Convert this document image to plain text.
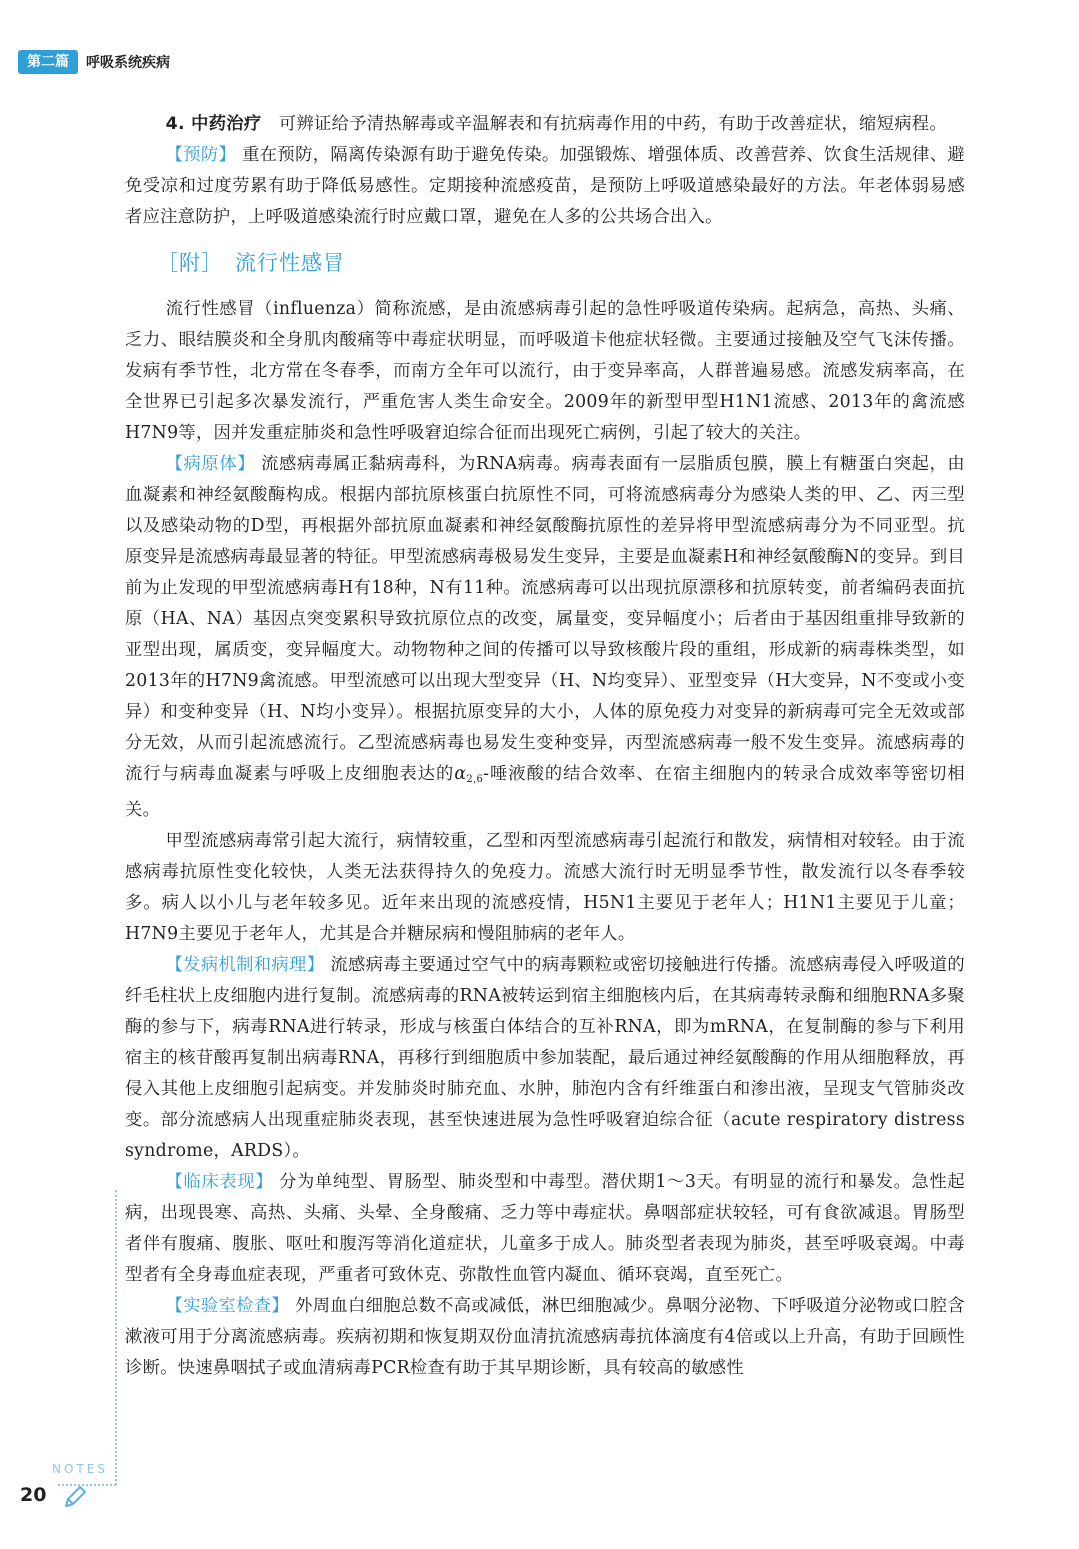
第二篇	呼吸系统疾病

4. 中药治疗 可辨证给予清热解毒或辛温解表和有抗病毒作用的中药，有助于改善症状，缩短病程。

【预防】 重在预防，隔离传染源有助于避免传染。加强锻炼、增强体质、改善营养、饮食生活规律、避免受凉和过度劳累有助于降低易感性。定期接种流感疫苗，是预防上呼吸道感染最好的方法。年老体弱易感者应注意防护，上呼吸道感染流行时应戴口罩，避免在人多的公共场合出入。

［附］ 流行性感冒

流行性感冒（influenza）简称流感，是由流感病毒引起的急性呼吸道传染病。起病急，高热、头痛、乏力、眼结膜炎和全身肌肉酸痛等中毒症状明显，而呼吸道卡他症状轻微。主要通过接触及空气飞沫传播。发病有季节性，北方常在冬春季，而南方全年可以流行，由于变异率高，人群普遍易感。流感发病率高，在全世界已引起多次暴发流行，严重危害人类生命安全。2009年的新型甲型H1N1流感、2013年的禽流感H7N9等，因并发重症肺炎和急性呼吸窘迫综合征而出现死亡病例，引起了较大的关注。

【病原体】 流感病毒属正黏病毒科，为RNA病毒。病毒表面有一层脂质包膜，膜上有糖蛋白突起，由血凝素和神经氨酸酶构成。根据内部抗原核蛋白抗原性不同，可将流感病毒分为感染人类的甲、乙、丙三型以及感染动物的D型，再根据外部抗原血凝素和神经氨酸酶抗原性的差异将甲型流感病毒分为不同亚型。抗原变异是流感病毒最显著的特征。甲型流感病毒极易发生变异，主要是血凝素H和神经氨酸酶N的变异。到目前为止发现的甲型流感病毒H有18种，N有11种。流感病毒可以出现抗原漂移和抗原转变，前者编码表面抗原（HA、NA）基因点突变累积导致抗原位点的改变，属量变，变异幅度小；后者由于基因组重排导致新的亚型出现，属质变，变异幅度大。动物物种之间的传播可以导致核酸片段的重组，形成新的病毒株类型，如2013年的H7N9禽流感。甲型流感可以出现大型变异（H、N均变异）、亚型变异（H大变异，N不变或小变异）和变种变异（H、N均小变异）。根据抗原变异的大小，人体的原免疫力对变异的新病毒可完全无效或部分无效，从而引起流感流行。乙型流感病毒也易发生变种变异，丙型流感病毒一般不发生变异。流感病毒的流行与病毒血凝素与呼吸上皮细胞表达的$\alpha_{2,6}-$唾液酸的结合效率、在宿主细胞内的转录合成效率等密切相关。

甲型流感病毒常引起大流行，病情较重，乙型和丙型流感病毒引起流行和散发，病情相对较轻。由于流感病毒抗原性变化较快，人类无法获得持久的免疫力。流感大流行时无明显季节性，散发流行以冬春季较多。病人以小儿与老年较多见。近年来出现的流感疫情，H5N1主要见于老年人；H1N1主要见于儿童；H7N9主要见于老年人，尤其是合并糖尿病和慢阻肺病的老年人。

【发病机制和病理】 流感病毒主要通过空气中的病毒颗粒或密切接触进行传播。流感病毒侵入呼吸道的纤毛柱状上皮细胞内进行复制。流感病毒的RNA被转运到宿主细胞核内后，在其病毒转录酶和细胞RNA多聚酶的参与下，病毒RNA进行转录，形成与核蛋白体结合的互补RNA，即为mRNA，在复制酶的参与下利用宿主的核苷酸再复制出病毒RNA，再移行到细胞质中参加装配，最后通过神经氨酸酶的作用从细胞释放，再侵入其他上皮细胞引起病变。并发肺炎时肺充血、水肿，肺泡内含有纤维蛋白和渗出液，呈现支气管肺炎改变。部分流感病人出现重症肺炎表现，甚至快速进展为急性呼吸窘迫综合征（acute respiratory distress syndrome，ARDS）。

【临床表现】 分为单纯型、胃肠型、肺炎型和中毒型。潜伏期1～3天。有明显的流行和暴发。急性起病，出现畏寒、高热、头痛、头晕、全身酸痛、乏力等中毒症状。鼻咽部症状较轻，可有食欲减退。胃肠型者伴有腹痛、腹胀、呕吐和腹泻等消化道症状，儿童多于成人。肺炎型者表现为肺炎，甚至呼吸衰竭。中毒型者有全身毒血症表现，严重者可致休克、弥散性血管内凝血、循环衰竭，直至死亡。

【实验室检查】 外周血白细胞总数不高或减低，淋巴细胞减少。鼻咽分泌物、下呼吸道分泌物或口腔含漱液可用于分离流感病毒。疾病初期和恢复期双份血清抗流感病毒抗体滴度有4倍或以上升高，有助于回顾性诊断。快速鼻咽拭子或血清病毒PCR检查有助于其早期诊断，具有较高的敏感性

NOTES
20
